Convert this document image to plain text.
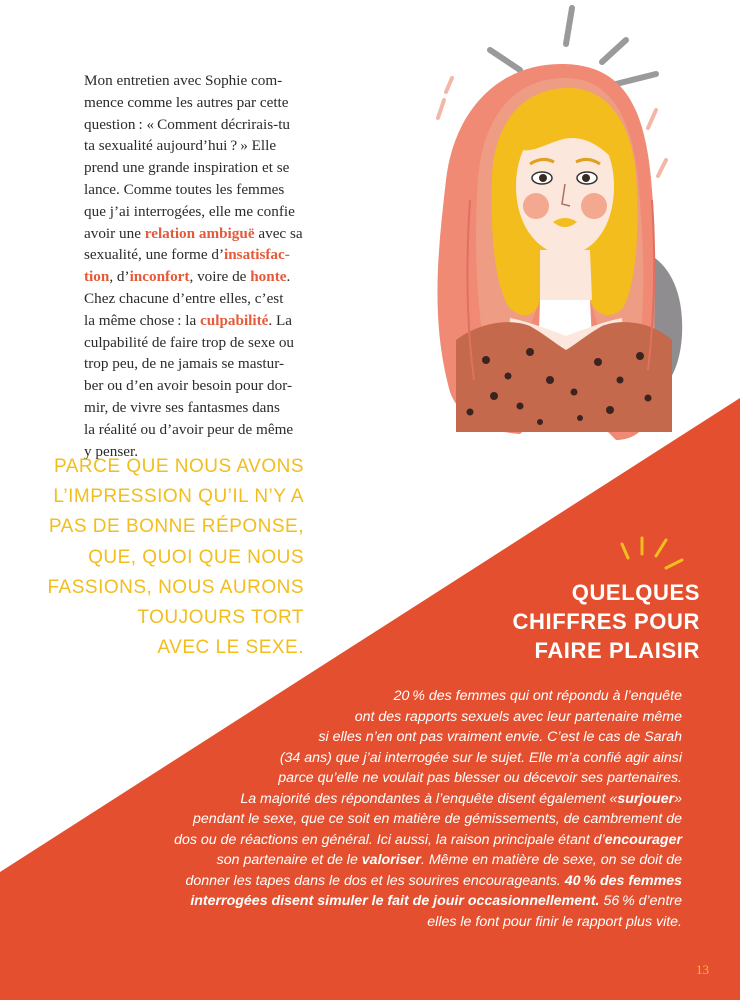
Mon entretien avec Sophie com-
mence comme les autres par cette
question : « Comment décrirais-tu
ta sexualité aujourd’hui ? » Elle
prend une grande inspiration et se
lance. Comme toutes les femmes
que j’ai interrogées, elle me confie
avoir une relation ambiguë avec sa
sexualité, une forme d’insatisfac-
tion, d’inconfort, voire de honte.
Chez chacune d’entre elles, c’est
la même chose : la culpabilité. La
culpabilité de faire trop de sexe ou
trop peu, de ne jamais se mastur-
ber ou d’en avoir besoin pour dor-
mir, de vivre ses fantasmes dans
la réalité ou d’avoir peur de même
y penser.
PARCE QUE NOUS AVONS
L’IMPRESSION QU’IL N’Y A
PAS DE BONNE RÉPONSE,
QUE, QUOI QUE NOUS
FASSIONS, NOUS AURONS
TOUJOURS TORT
AVEC LE SEXE.
QUELQUES
CHIFFRES POUR
FAIRE PLAISIR
20 % des femmes qui ont répondu à l’enquête
ont des rapports sexuels avec leur partenaire même
si elles n’en ont pas vraiment envie. C’est le cas de Sarah
(34 ans) que j’ai interrogée sur le sujet. Elle m’a confié agir ainsi
parce qu’elle ne voulait pas blesser ou décevoir ses partenaires.
La majorité des répondantes à l’enquête disent également «surjouer»
pendant le sexe, que ce soit en matière de gémissements, de cambrement de
dos ou de réactions en général. Ici aussi, la raison principale étant d’encourager
son partenaire et de le valoriser. Même en matière de sexe, on se doit de
donner les tapes dans le dos et les sourires encourageants. 40 % des femmes
interrogées disent simuler le fait de jouir occasionnellement. 56 % d’entre
elles le font pour finir le rapport plus vite.
13
